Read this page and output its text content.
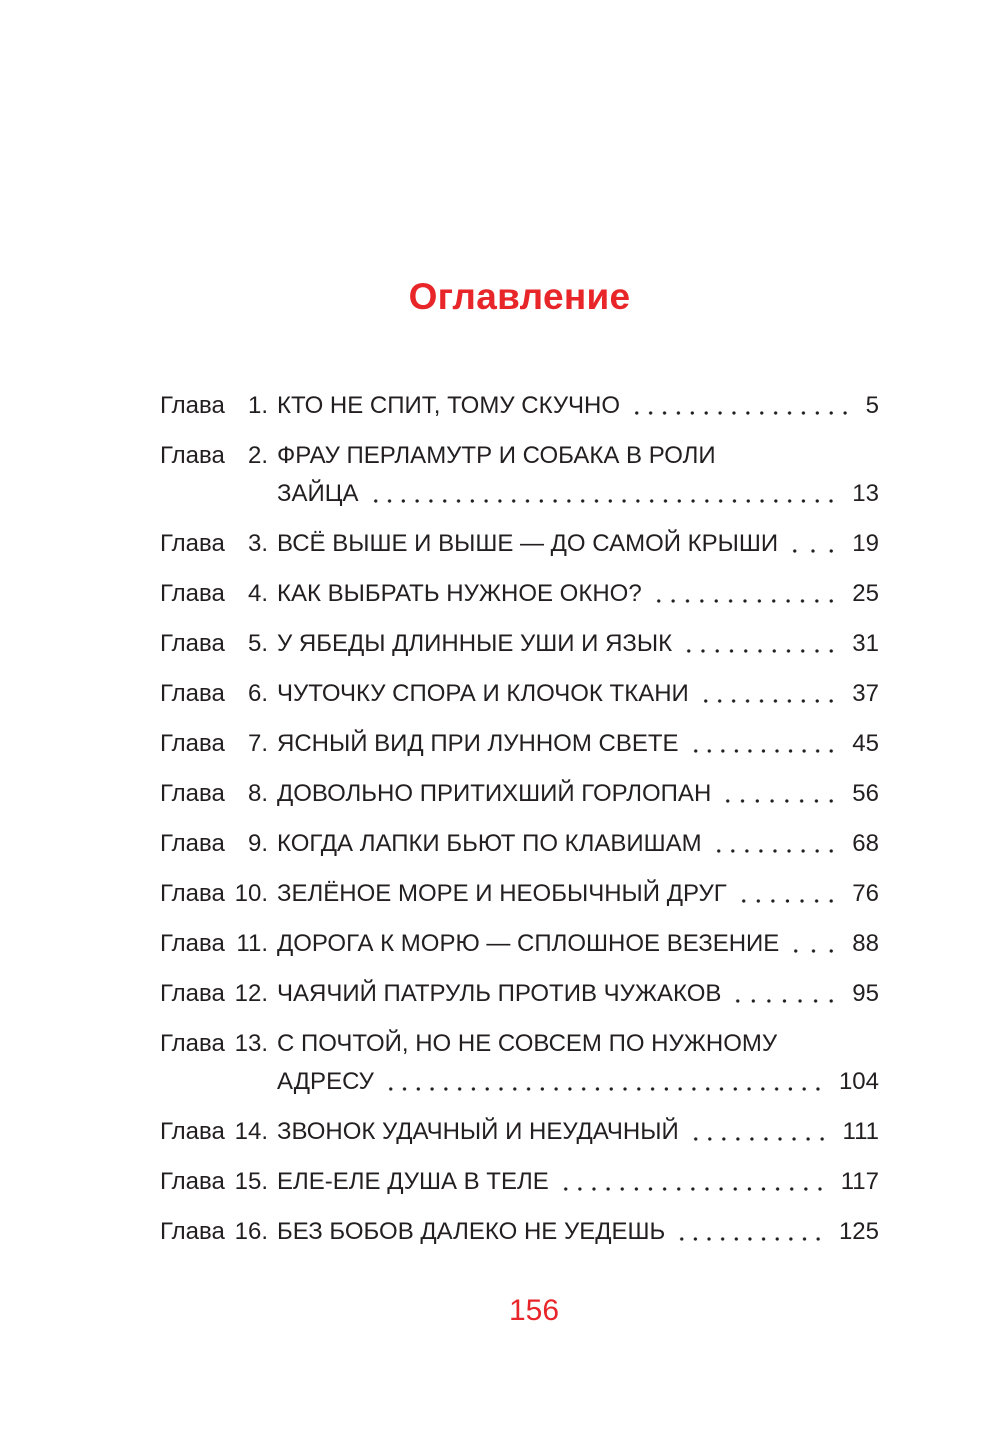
Оглавление
Глава 1. КТО НЕ СПИТ, ТОМУ СКУЧНО	5
Глава 2. ФРАУ ПЕРЛАМУТР И СОБАКА В РОЛИ
ЗАЙЦА	13
Глава 3. ВСЁ ВЫШЕ И ВЫШЕ — ДО САМОЙ КРЫШИ	19
Глава 4. КАК ВЫБРАТЬ НУЖНОЕ ОКНО?	25
Глава 5. У ЯБЕДЫ ДЛИННЫЕ УШИ И ЯЗЫК	31
Глава 6. ЧУТОЧКУ СПОРА И КЛОЧОК ТКАНИ	37
Глава 7. ЯСНЫЙ ВИД ПРИ ЛУННОМ СВЕТЕ	45
Глава 8. ДОВОЛЬНО ПРИТИХШИЙ ГОРЛОПАН	56
Глава 9. КОГДА ЛАПКИ БЬЮТ ПО КЛАВИШАМ	68
Глава 10. ЗЕЛЁНОЕ МОРЕ И НЕОБЫЧНЫЙ ДРУГ	76
Глава 11. ДОРОГА К МОРЮ — СПЛОШНОЕ ВЕЗЕНИЕ	88
Глава 12. ЧАЯЧИЙ ПАТРУЛЬ ПРОТИВ ЧУЖАКОВ	95
Глава 13. С ПОЧТОЙ, НО НЕ СОВСЕМ ПО НУЖНОМУ
АДРЕСУ	104
Глава 14. ЗВОНОК УДАЧНЫЙ И НЕУДАЧНЫЙ	111
Глава 15. ЕЛЕ-ЕЛЕ ДУША В ТЕЛЕ	117
Глава 16. БЕЗ БОБОВ ДАЛЕКО НЕ УЕДЕШЬ	125
156
